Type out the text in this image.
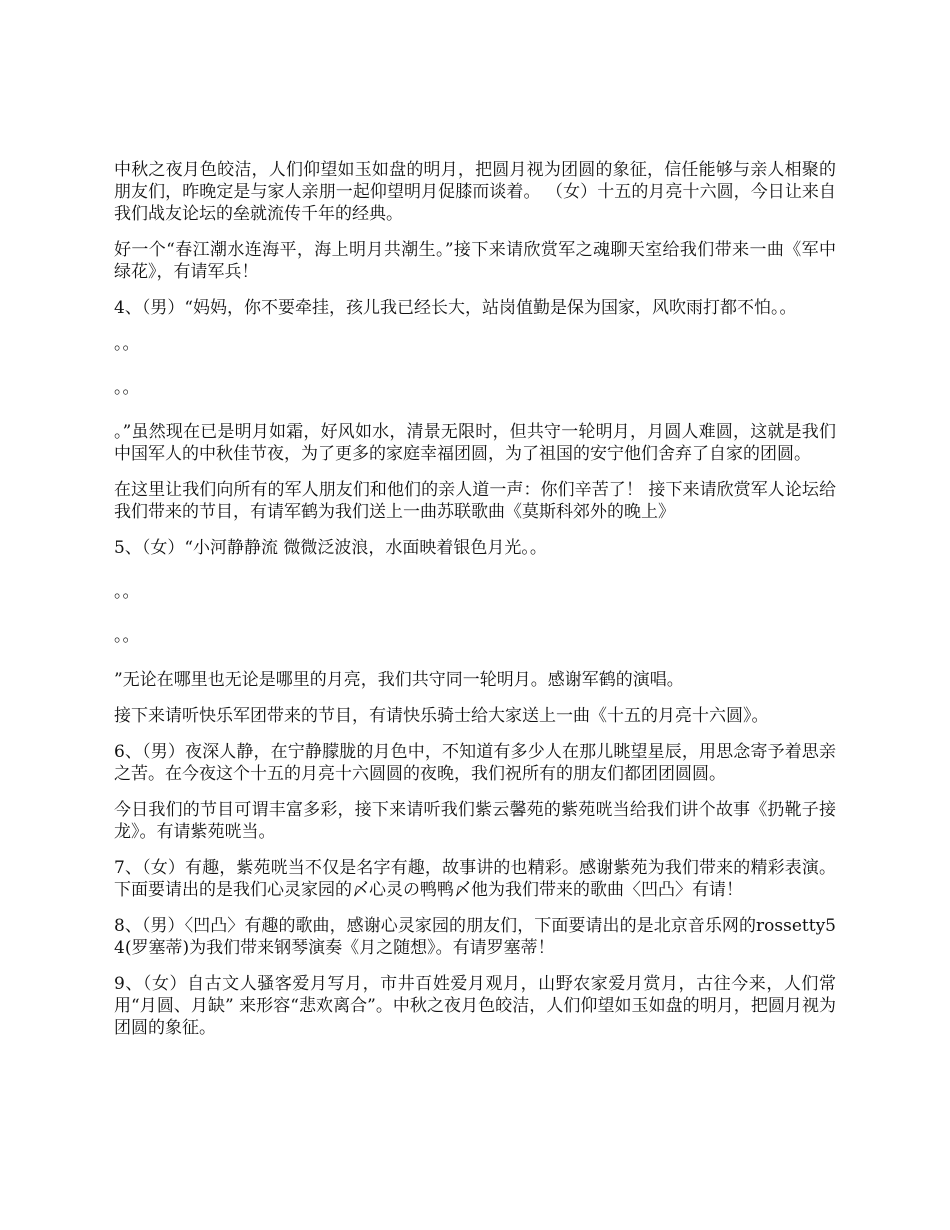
中秋之夜月色皎洁，人们仰望如玉如盘的明月，把圆月视为团圆的象征，信任能够与亲人相聚的朋友们，昨晚定是与家人亲朋一起仰望明月促膝而谈着。 （女）十五的月亮十六圆，今日让来自我们战友论坛的垒就流传千年的经典。

好一个“春江潮水连海平，海上明月共潮生。”接下来请欣赏军之魂聊天室给我们带来一曲《军中绿花》，有请军兵！

4、（男）“妈妈，你不要牵挂，孩儿我已经长大，站岗值勤是保为国家，风吹雨打都不怕。。

。。

。。

。”虽然现在已是明月如霜，好风如水，清景无限时，但共守一轮明月，月圆人难圆，这就是我们中国军人的中秋佳节夜，为了更多的家庭幸福团圆，为了祖国的安宁他们舍弃了自家的团圆。

在这里让我们向所有的军人朋友们和他们的亲人道一声：你们辛苦了！ 接下来请欣赏军人论坛给我们带来的节目，有请军鹤为我们送上一曲苏联歌曲《莫斯科郊外的晚上》

5、（女）“小河静静流 微微泛波浪，水面映着银色月光。。

。。

。。

”无论在哪里也无论是哪里的月亮，我们共守同一轮明月。感谢军鹤的演唱。

接下来请听快乐军团带来的节目，有请快乐骑士给大家送上一曲《十五的月亮十六圆》。

6、（男）夜深人静，在宁静朦胧的月色中，不知道有多少人在那儿眺望星辰，用思念寄予着思亲之苦。在今夜这个十五的月亮十六圆圆的夜晚，我们祝所有的朋友们都团团圆圆。

今日我们的节目可谓丰富多彩，接下来请听我们紫云馨苑的紫苑咣当给我们讲个故事《扔靴子接龙》。有请紫苑咣当。

7、（女）有趣，紫苑咣当不仅是名字有趣，故事讲的也精彩。感谢紫苑为我们带来的精彩表演。下面要请出的是我们心灵家园的〆心灵の鸭鸭〆他为我们带来的歌曲〈凹凸〉有请！

8、（男）〈凹凸〉有趣的歌曲，感谢心灵家园的朋友们，下面要请出的是北京音乐网的rossetty54(罗塞蒂)为我们带来钢琴演奏《月之随想》。有请罗塞蒂！

9、（女）自古文人骚客爱月写月，市井百姓爱月观月，山野农家爱月赏月，古往今来，人们常用“月圆、月缺” 来形容“悲欢离合”。中秋之夜月色皎洁，人们仰望如玉如盘的明月，把圆月视为团圆的象征。
